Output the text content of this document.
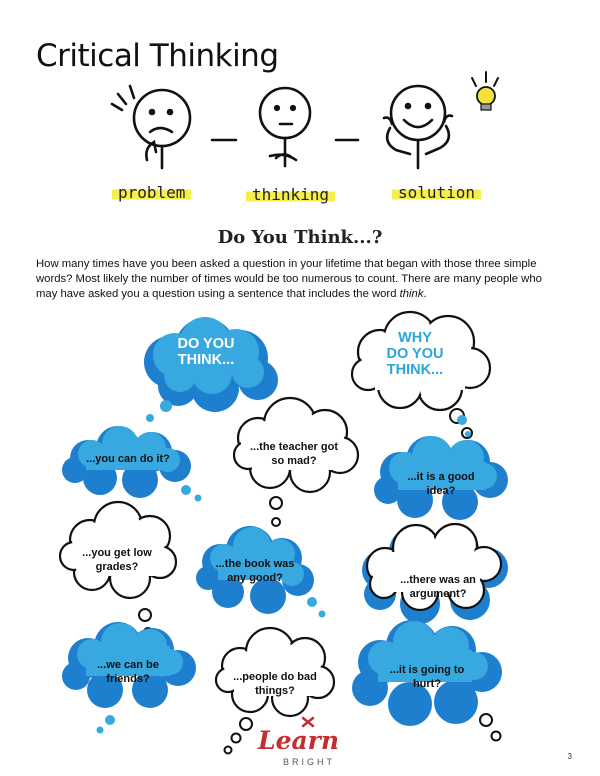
Critical Thinking
problem	thinking	solution
Do You Think...?
How many times have you been asked a question in your lifetime that began with those three simple words? Most likely the number of times would be too numerous to count. There are many people who may have asked you a question using a sentence that includes the word think.
DO YOU
THINK...
WHY
DO YOU
THINK...
...you can do it?
...the teacher got
so mad?
...it is a good
idea?
...you get low
grades?	...the book was
any good?	...there was an
argument?
...we can be
friends?	...people do bad
things?
...it is going to
hurt?
Learn
BRIGHT
3
